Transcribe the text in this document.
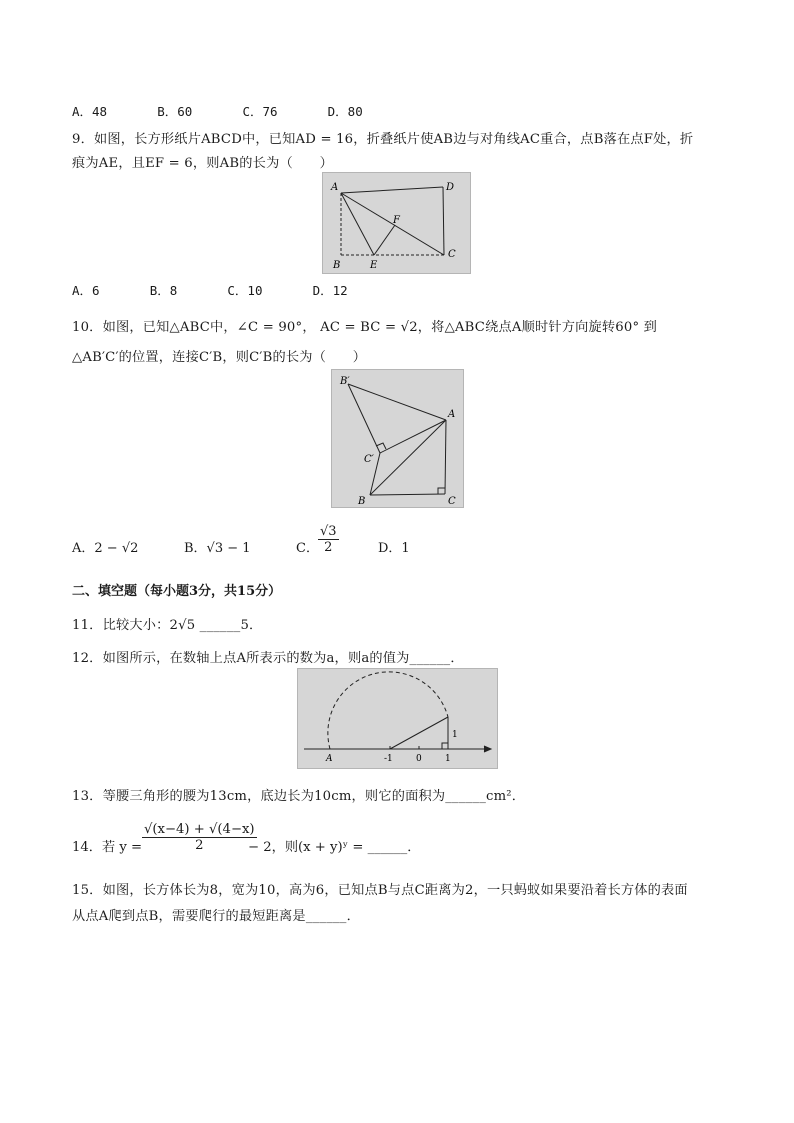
A．48	B．60	C．76	D．80
9．如图，长方形纸片ABCD中，已知AD = 16，折叠纸片使AB边与对角线AC重合，点B落在点F处，折
痕为AE，且EF = 6，则AB的长为（　　）
A	D
F
C
B	E
A．6	B．8	C．10	D．12
10．如图，已知△ABC中，∠C = 90°， AC = BC = √2，将△ABC绕点A顺时针方向旋转60° 到
△AB′C′的位置，连接C′B，则C′B的长为（　　）
B′
A
C′
B	C
A．2 − √2	B．√3 − 1	C． $\frac{√3}{2}$	D．1
二、填空题（每小题3分，共15分）
11．比较大小：2√5 ______5．
12．如图所示，在数轴上点A所表示的数为a，则a的值为______．
A	-1	0	1
1
13．等腰三角形的腰为13cm，底边长为10cm，则它的面积为______cm²．
14．若 $y = \frac{√(x-4) + √(4-x)}{2}$
− 2，则(x + y)ʸ = ______．
15．如图，长方体长为8，宽为10，高为6，已知点B与点C距离为2，一只蚂蚁如果要沿着长方体的表面
从点A爬到点B，需要爬行的最短距离是______．
